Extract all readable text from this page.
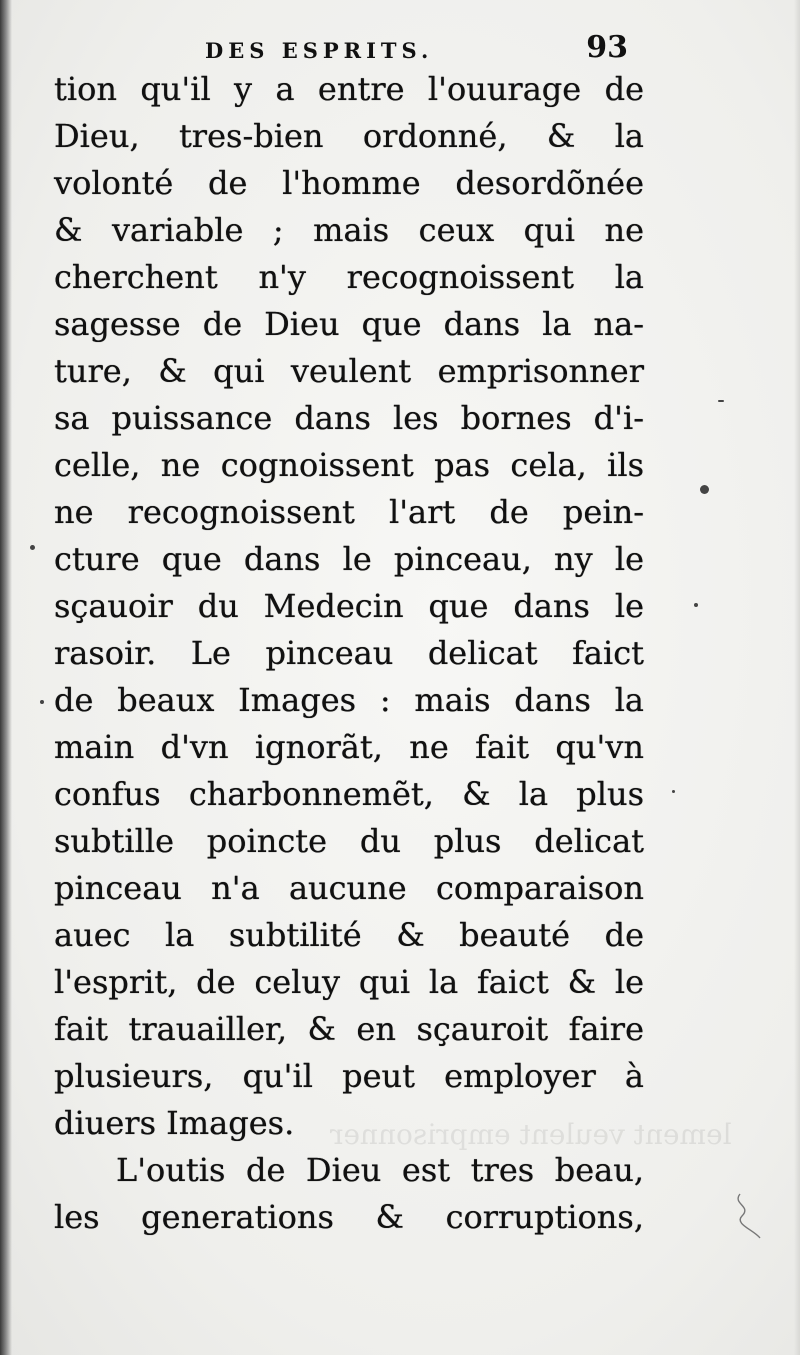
DES ESPRITS.	93
tion qu'il y a entre l'ouurage de
Dieu, tres-bien ordonné, & la
volonté de l'homme desordõnée
& variable ; mais ceux qui ne
cherchent n'y recognoissent la
sagesse de Dieu que dans la na-
ture, & qui veulent emprisonner
sa puissance dans les bornes d'i-
celle, ne cognoissent pas cela, ils
ne recognoissent l'art de pein-
cture que dans le pinceau, ny le
sçauoir du Medecin que dans le
rasoir. Le pinceau delicat faict
de beaux Images : mais dans la
main d'vn ignorãt, ne fait qu'vn
confus charbonnemẽt, & la plus
subtille poincte du plus delicat
pinceau n'a aucune comparaison
auec la subtilité & beauté de
l'esprit, de celuy qui la faict & le
fait trauailler, & en sçauroit faire
plusieurs, qu'il peut employer à
diuers Images.
L'outis de Dieu est tres beau,
les generations & corruptions,
lement veulent emprisonner
